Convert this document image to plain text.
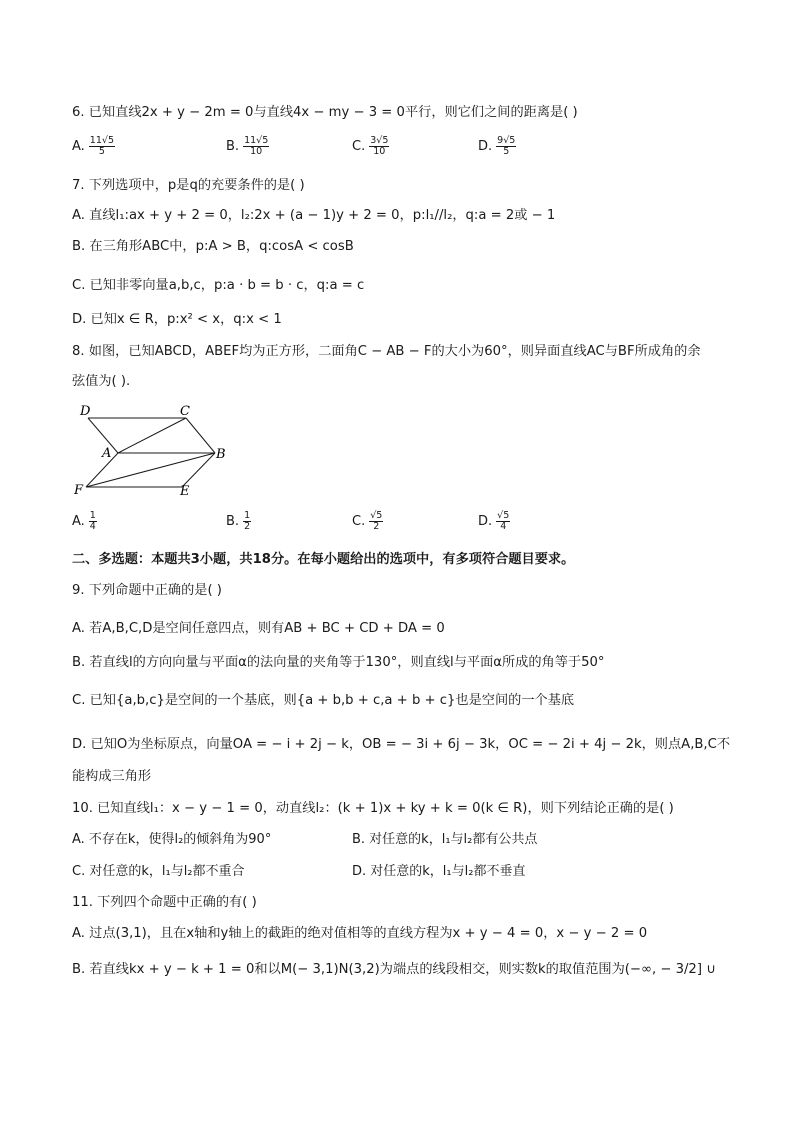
6. 已知直线2x + y − 2m = 0与直线4x − my − 3 = 0平行，则它们之间的距离是( )
A. $\frac{11√5}{5}$	B. $\frac{11√5}{10}$	C. $\frac{3√5}{10}$	D. $\frac{9√5}{5}$
7. 下列选项中，p是q的充要条件的是( )
A. 直线l₁:ax + y + 2 = 0，l₂:2x + (a − 1)y + 2 = 0，p:l₁//l₂，q:a = 2或 − 1
B. 在三角形ABC中，p:A > B，q:cosA < cosB
C. 已知非零向量a,b,c，p:a · b = b · c，q:a = c
D. 已知x ∈ R，p:x² < x，q:x < 1
8. 如图，已知ABCD，ABEF均为正方形，二面角C − AB − F的大小为60°，则异面直线AC与BF所成角的余
弦值为( ).
D	C
A	B
F	E
A. $\frac{1}{4}$	B. $\frac{1}{2}$	C. $\frac{√5}{2}$	D. $\frac{√5}{4}$
二、多选题：本题共3小题，共18分。在每小题给出的选项中，有多项符合题目要求。
9. 下列命题中正确的是( )
A. 若A,B,C,D是空间任意四点，则有AB + BC + CD + DA = 0
B. 若直线l的方向向量与平面α的法向量的夹角等于130°，则直线l与平面α所成的角等于50°
C. 已知{a,b,c}是空间的一个基底，则{a + b,b + c,a + b + c}也是空间的一个基底
D. 已知O为坐标原点，向量OA = − i + 2j − k，OB = − 3i + 6j − 3k，OC = − 2i + 4j − 2k，则点A,B,C不
能构成三角形
10. 已知直线l₁：x − y − 1 = 0，动直线l₂：(k + 1)x + ky + k = 0(k ∈ R)，则下列结论正确的是( )
A. 不存在k，使得l₂的倾斜角为90°	B. 对任意的k，l₁与l₂都有公共点
C. 对任意的k，l₁与l₂都不重合	D. 对任意的k，l₁与l₂都不垂直
11. 下列四个命题中正确的有( )
A. 过点(3,1)，且在x轴和y轴上的截距的绝对值相等的直线方程为x + y − 4 = 0，x − y − 2 = 0
B. 若直线kx + y − k + 1 = 0和以M(− 3,1)N(3,2)为端点的线段相交，则实数k的取值范围为(−∞, − 3/2] ∪
